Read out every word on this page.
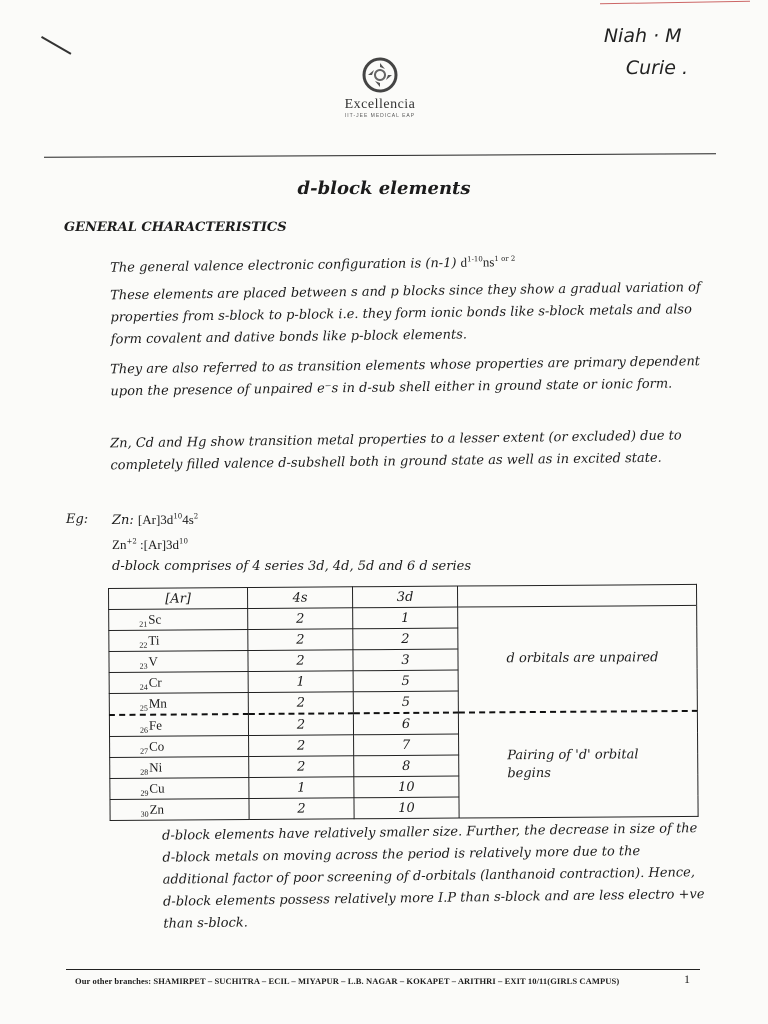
Niah · M
Curie .
Excellencia
IIT-JEE MEDICAL EAP
d-block elements
GENERAL CHARACTERISTICS
The general valence electronic configuration is (n-1) $d^{1-10}ns^{1 or 2}$
These elements are placed between s and p blocks since they show a gradual variation of properties from s-block to p-block i.e. they form ionic bonds like s-block metals and also form covalent and dative bonds like p-block elements.
They are also referred to as transition elements whose properties are primary dependent upon the presence of unpaired e⁻s in d-sub shell either in ground state or ionic form.
Zn, Cd and Hg show transition metal properties to a lesser extent (or excluded) due to completely filled valence d-subshell both in ground state as well as in excited state.
Eg: Zn: $[Ar]3d^{10}4s^2$
$Zn^{+2}$ $:[Ar]3d^{10}$
d-block comprises of 4 series 3d, 4d, 5d and 6 d series
[Ar]	4s	3d	
$_{21}$Sc	2	1	d orbitals are unpaired
$_{22}$Ti	2	2	
$_{23}$V	2	3	
$_{24}$Cr	1	5	
$_{25}$Mn	2	5	
$_{26}$Fe	2	6	Pairing of 'd' orbital begins
$_{27}$Co	2	7	
$_{28}$Ni	2	8	
$_{29}$Cu	1	10	
$_{30}$Zn	2	10	
d-block elements have relatively smaller size. Further, the decrease in size of the d-block metals on moving across the period is relatively more due to the additional factor of poor screening of d-orbitals (lanthanoid contraction). Hence, d-block elements possess relatively more I.P than s-block and are less electro +ve than s-block.
Our other branches: SHAMIRPET – SUCHITRA – ECIL – MIYAPUR – L.B. NAGAR – KOKAPET – ARITHRI – EXIT 10/11(GIRLS CAMPUS)	1
